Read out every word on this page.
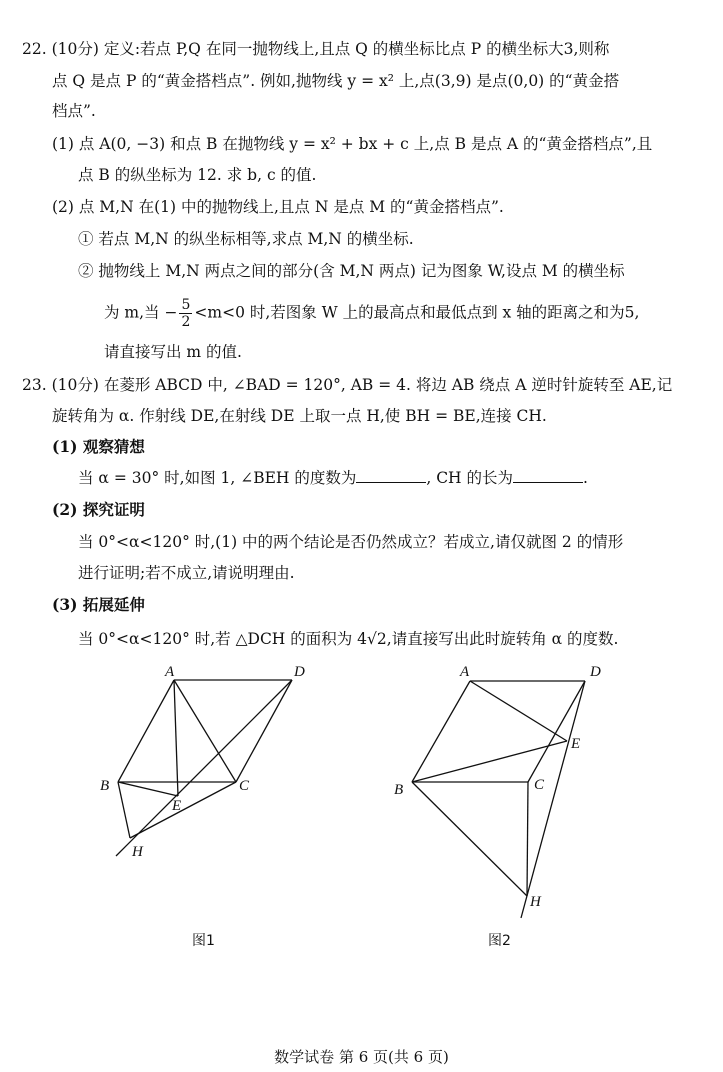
22. (10分) 定义:若点 P,Q 在同一抛物线上,且点 Q 的横坐标比点 P 的横坐标大3,则称
点 Q 是点 P 的“黄金搭档点”. 例如,抛物线 y = x² 上,点(3,9) 是点(0,0) 的“黄金搭
档点”.
(1) 点 A(0, −3) 和点 B 在抛物线 y = x² + bx + c 上,点 B 是点 A 的“黄金搭档点”,且
点 B 的纵坐标为 12. 求 b, c 的值.
(2) 点 M,N 在(1) 中的抛物线上,且点 N 是点 M 的“黄金搭档点”.
① 若点 M,N 的纵坐标相等,求点 M,N 的横坐标.
② 抛物线上 M,N 两点之间的部分(含 M,N 两点) 记为图象 W,设点 M 的横坐标
为 m,当 − $\frac{5}{2} <m<0$ 时,若图象 W 上的最高点和最低点到 x 轴的距离之和为5,
请直接写出 m 的值.
23. (10分) 在菱形 ABCD 中, ∠BAD = 120°, AB = 4. 将边 AB 绕点 A 逆时针旋转至 AE,记
旋转角为 α. 作射线 DE,在射线 DE 上取一点 H,使 BH = BE,连接 CH.
(1) 观察猜想
当 α = 30° 时,如图 1, ∠BEH 的度数为	, CH 的长为	.
(2) 探究证明
当 0°<α<120° 时,(1) 中的两个结论是否仍然成立？若成立,请仅就图 2 的情形
进行证明;若不成立,请说明理由.
(3) 拓展延伸
当 0°<α<120° 时,若 △DCH 的面积为 4√2,请直接写出此时旋转角 α 的度数.
A	D
B	C
E
H
图1
A	D
E
B	C
H
图2
数学试卷 第 6 页(共 6 页)
